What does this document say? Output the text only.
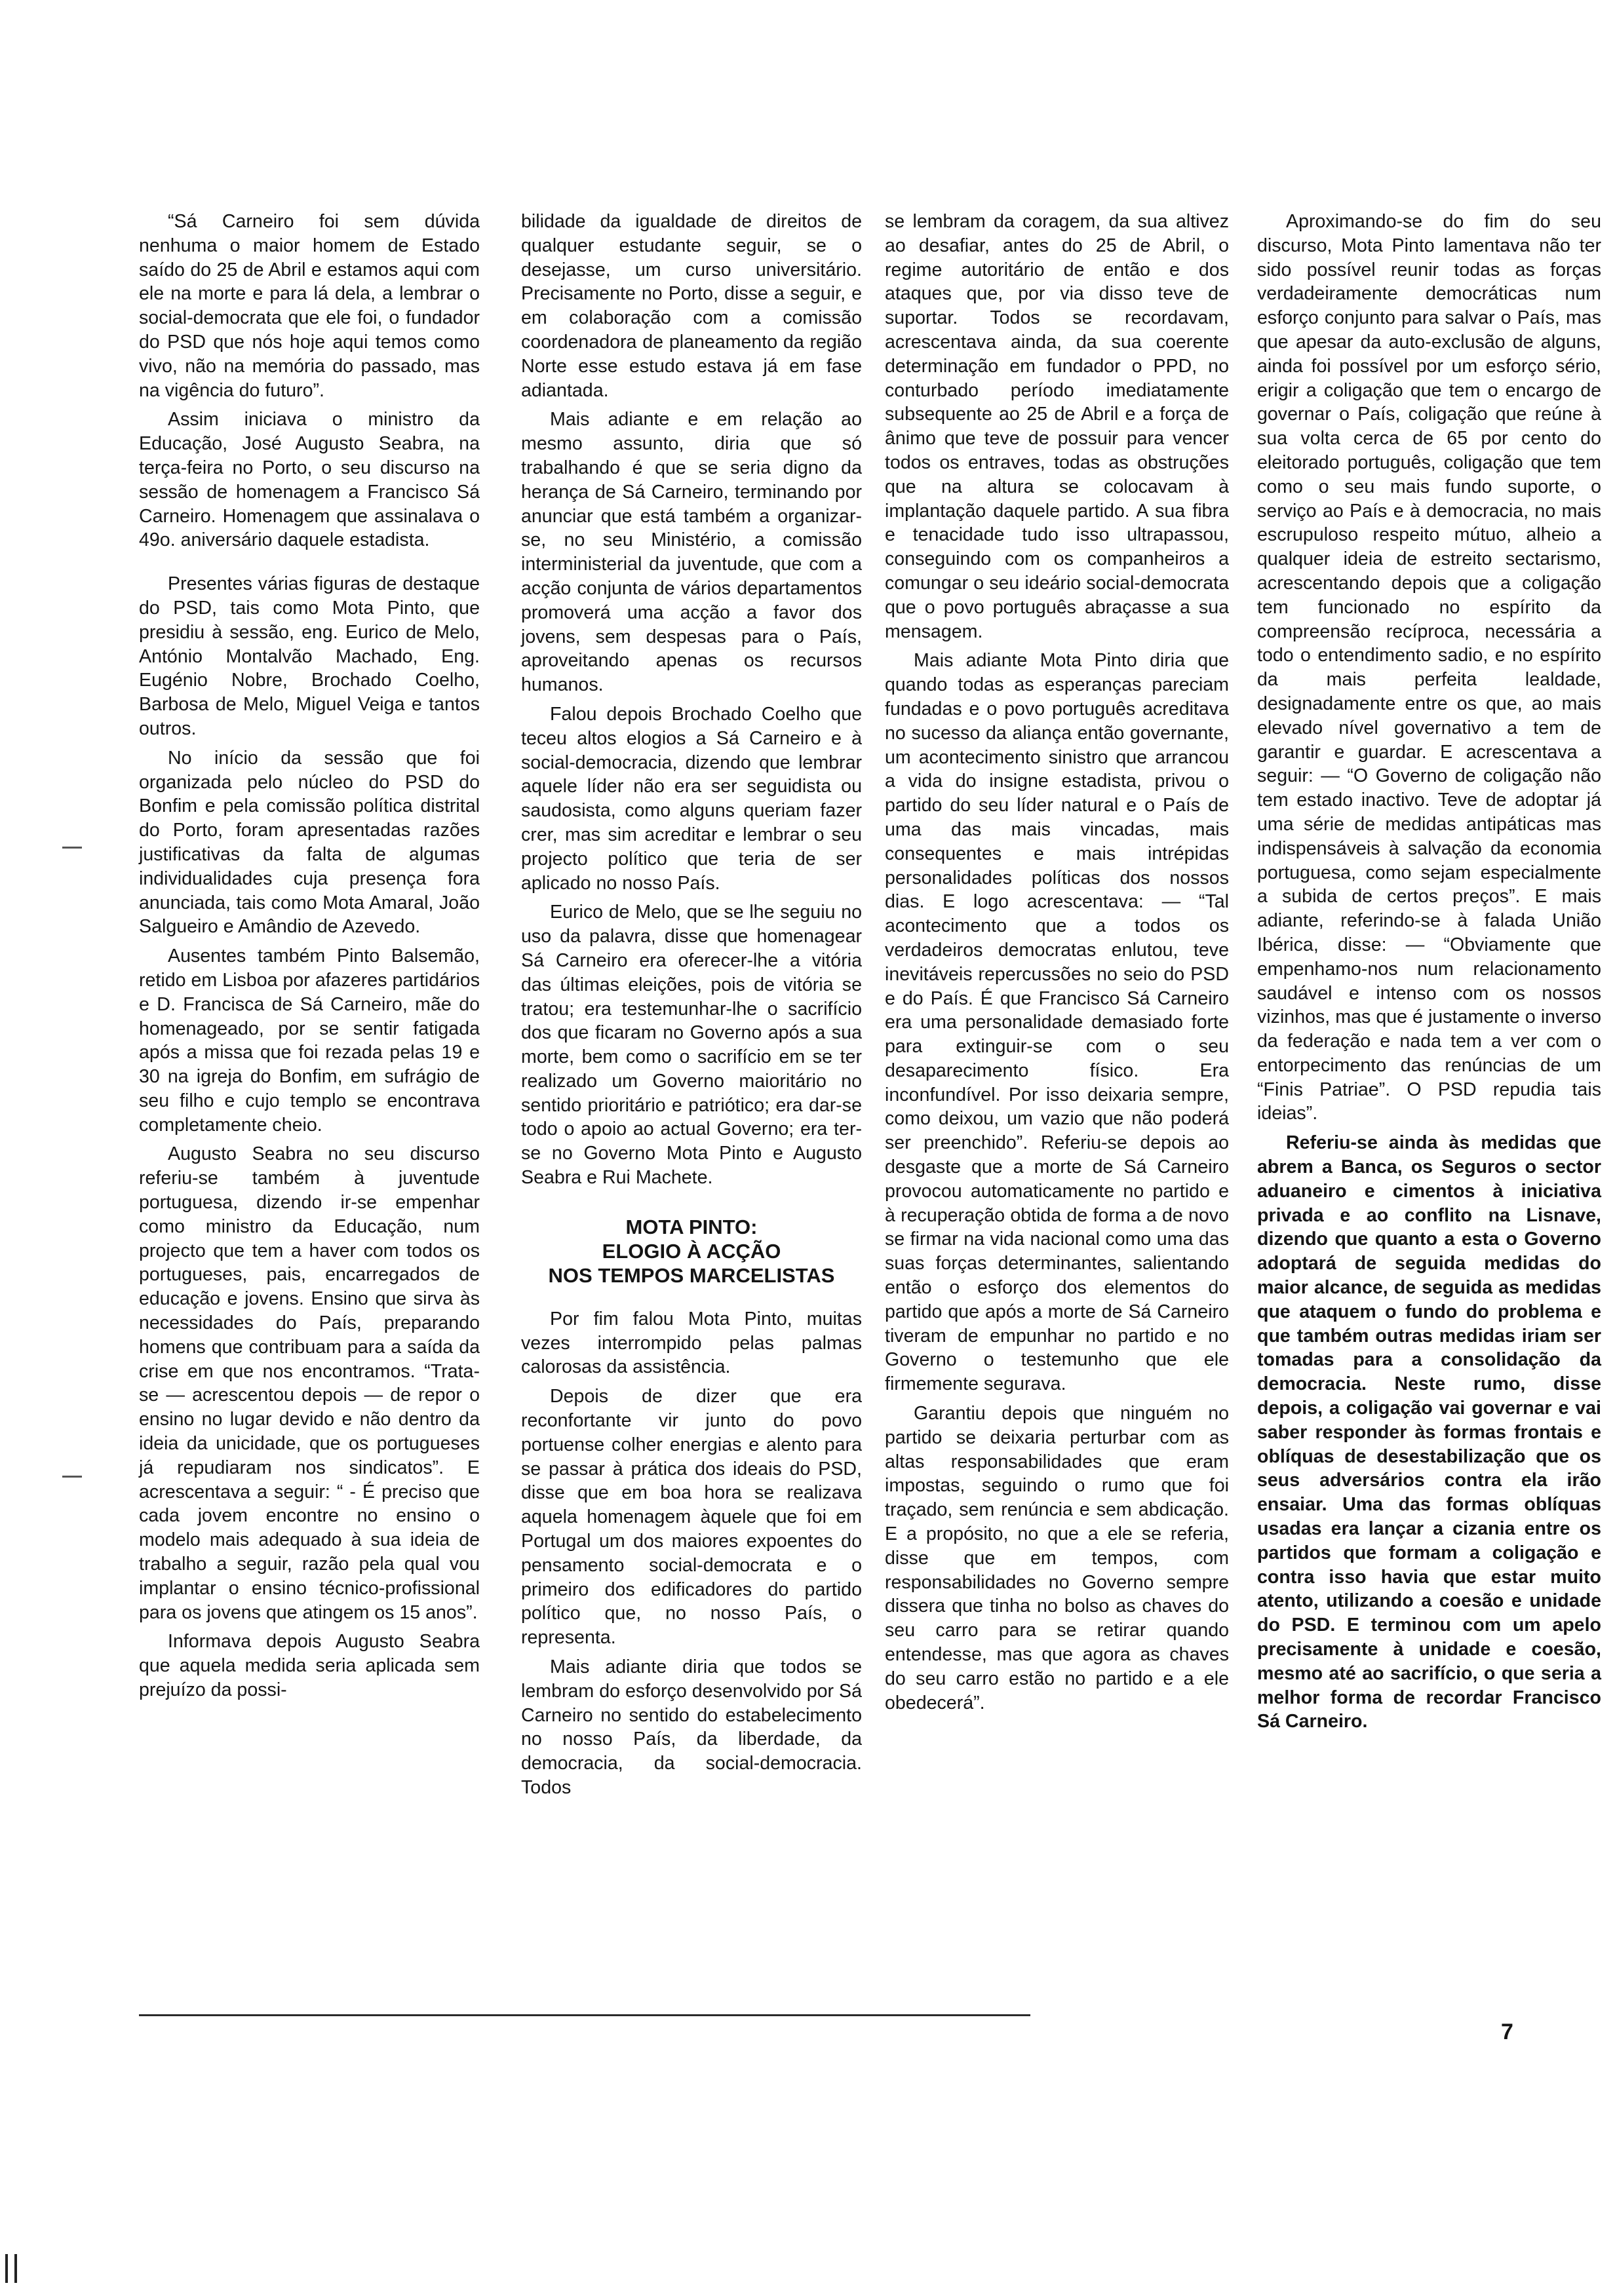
“Sá Carneiro foi sem dúvida nenhuma o maior homem de Estado saído do 25 de Abril e estamos aqui com ele na morte e para lá dela, a lembrar o social-democrata que ele foi, o fundador do PSD que nós hoje aqui temos como vivo, não na memória do passado, mas na vigência do futuro”.

Assim iniciava o ministro da Educação, José Augusto Seabra, na terça-feira no Porto, o seu discurso na sessão de homenagem a Francisco Sá Carneiro. Homenagem que assinalava o 49o. aniversário daquele estadista.

Presentes várias figuras de destaque do PSD, tais como Mota Pinto, que presidiu à sessão, eng. Eurico de Melo, António Montalvão Machado, Eng. Eugénio Nobre, Brochado Coelho, Barbosa de Melo, Miguel Veiga e tantos outros.

No início da sessão que foi organizada pelo núcleo do PSD do Bonfim e pela comissão política distrital do Porto, foram apresentadas razões justificativas da falta de algumas individualidades cuja presença fora anunciada, tais como Mota Amaral, João Salgueiro e Amândio de Azevedo.

Ausentes também Pinto Balsemão, retido em Lisboa por afazeres partidários e D. Francisca de Sá Carneiro, mãe do homenageado, por se sentir fatigada após a missa que foi rezada pelas 19 e 30 na igreja do Bonfim, em sufrágio de seu filho e cujo templo se encontrava completamente cheio.

Augusto Seabra no seu discurso referiu-se também à juventude portuguesa, dizendo ir-se empenhar como ministro da Educação, num projecto que tem a haver com todos os portugueses, pais, encarregados de educação e jovens. Ensino que sirva às necessidades do País, preparando homens que contribuam para a saída da crise em que nos encontramos. “Trata-se — acrescentou depois — de repor o ensino no lugar devido e não dentro da ideia da unicidade, que os portugueses já repudiaram nos sindicatos”. E acrescentava a seguir: “ - É preciso que cada jovem encontre no ensino o modelo mais adequado à sua ideia de trabalho a seguir, razão pela qual vou implantar o ensino técnico-profissional para os jovens que atingem os 15 anos”.

Informava depois Augusto Seabra que aquela medida seria aplicada sem prejuízo da possi-

bilidade da igualdade de direitos de qualquer estudante seguir, se o desejasse, um curso universitário. Precisamente no Porto, disse a seguir, e em colaboração com a comissão coordenadora de planeamento da região Norte esse estudo estava já em fase adiantada.

Mais adiante e em relação ao mesmo assunto, diria que só trabalhando é que se seria digno da herança de Sá Carneiro, terminando por anunciar que está também a organizar-se, no seu Ministério, a comissão interministerial da juventude, que com a acção conjunta de vários departamentos promoverá uma acção a favor dos jovens, sem despesas para o País, aproveitando apenas os recursos humanos.

Falou depois Brochado Coelho que teceu altos elogios a Sá Carneiro e à social-democracia, dizendo que lembrar aquele líder não era ser seguidista ou saudosista, como alguns queriam fazer crer, mas sim acreditar e lembrar o seu projecto político que teria de ser aplicado no nosso País.

Eurico de Melo, que se lhe seguiu no uso da palavra, disse que homenagear Sá Carneiro era oferecer-lhe a vitória das últimas eleições, pois de vitória se tratou; era testemunhar-lhe o sacrifício dos que ficaram no Governo após a sua morte, bem como o sacrifício em se ter realizado um Governo maioritário no sentido prioritário e patriótico; era dar-se todo o apoio ao actual Governo; era ter-se no Governo Mota Pinto e Augusto Seabra e Rui Machete.

MOTA PINTO:
ELOGIO À ACÇÃO
NOS TEMPOS MARCELISTAS

Por fim falou Mota Pinto, muitas vezes interrompido pelas palmas calorosas da assistência.

Depois de dizer que era reconfortante vir junto do povo portuense colher energias e alento para se passar à prática dos ideais do PSD, disse que em boa hora se realizava aquela homenagem àquele que foi em Portugal um dos maiores expoentes do pensamento social-democrata e o primeiro dos edificadores do partido político que, no nosso País, o representa.

Mais adiante diria que todos se lembram do esforço desenvolvido por Sá Carneiro no sentido do estabelecimento no nosso País, da liberdade, da democracia, da social-democracia. Todos

se lembram da coragem, da sua altivez ao desafiar, antes do 25 de Abril, o regime autoritário de então e dos ataques que, por via disso teve de suportar. Todos se recordavam, acrescentava ainda, da sua coerente determinação em fundador o PPD, no conturbado período imediatamente subsequente ao 25 de Abril e a força de ânimo que teve de possuir para vencer todos os entraves, todas as obstruções que na altura se colocavam à implantação daquele partido. A sua fibra e tenacidade tudo isso ultrapassou, conseguindo com os companheiros a comungar o seu ideário social-democrata que o povo português abraçasse a sua mensagem.

Mais adiante Mota Pinto diria que quando todas as esperanças pareciam fundadas e o povo português acreditava no sucesso da aliança então governante, um acontecimento sinistro que arrancou a vida do insigne estadista, privou o partido do seu líder natural e o País de uma das mais vincadas, mais consequentes e mais intrépidas personalidades políticas dos nossos dias. E logo acrescentava: — “Tal acontecimento que a todos os verdadeiros democratas enlutou, teve inevitáveis repercussões no seio do PSD e do País. É que Francisco Sá Carneiro era uma personalidade demasiado forte para extinguir-se com o seu desaparecimento físico. Era inconfundível. Por isso deixaria sempre, como deixou, um vazio que não poderá ser preenchido”. Referiu-se depois ao desgaste que a morte de Sá Carneiro provocou automaticamente no partido e à recuperação obtida de forma a de novo se firmar na vida nacional como uma das suas forças determinantes, salientando então o esforço dos elementos do partido que após a morte de Sá Carneiro tiveram de empunhar no partido e no Governo o testemunho que ele firmemente segurava.

Garantiu depois que ninguém no partido se deixaria perturbar com as altas responsabilidades que eram impostas, seguindo o rumo que foi traçado, sem renúncia e sem abdicação. E a propósito, no que a ele se referia, disse que em tempos, com responsabilidades no Governo sempre dissera que tinha no bolso as chaves do seu carro para se retirar quando entendesse, mas que agora as chaves do seu carro estão no partido e a ele obedecerá”.

Aproximando-se do fim do seu discurso, Mota Pinto lamentava não ter sido possível reunir todas as forças verdadeiramente democráticas num esforço conjunto para salvar o País, mas que apesar da auto-exclusão de alguns, ainda foi possível por um esforço sério, erigir a coligação que tem o encargo de governar o País, coligação que reúne à sua volta cerca de 65 por cento do eleitorado português, coligação que tem como o seu mais fundo suporte, o serviço ao País e à democracia, no mais escrupuloso respeito mútuo, alheio a qualquer ideia de estreito sectarismo, acrescentando depois que a coligação tem funcionado no espírito da compreensão recíproca, necessária a todo o entendimento sadio, e no espírito da mais perfeita lealdade, designadamente entre os que, ao mais elevado nível governativo a tem de garantir e guardar. E acrescentava a seguir: — “O Governo de coligação não tem estado inactivo. Teve de adoptar já uma série de medidas antipáticas mas indispensáveis à salvação da economia portuguesa, como sejam especialmente a subida de certos preços”. E mais adiante, referindo-se à falada União Ibérica, disse: — “Obviamente que empenhamo-nos num relacionamento saudável e intenso com os nossos vizinhos, mas que é justamente o inverso da federação e nada tem a ver com o entorpecimento das renúncias de um “Finis Patriae”. O PSD repudia tais ideias”.

Referiu-se ainda às medidas que abrem a Banca, os Seguros o sector aduaneiro e cimentos à iniciativa privada e ao conflito na Lisnave, dizendo que quanto a esta o Governo adoptará de seguida medidas do maior alcance, de seguida as medidas que ataquem o fundo do problema e que também outras medidas iriam ser tomadas para a consolidação da democracia. Neste rumo, disse depois, a coligação vai governar e vai saber responder às formas frontais e oblíquas de desestabilização que os seus adversários contra ela irão ensaiar. Uma das formas oblíquas usadas era lançar a cizania entre os partidos que formam a coligação e contra isso havia que estar muito atento, utilizando a coesão e unidade do PSD. E terminou com um apelo precisamente à unidade e coesão, mesmo até ao sacrifício, o que seria a melhor forma de recordar Francisco Sá Carneiro.

7
